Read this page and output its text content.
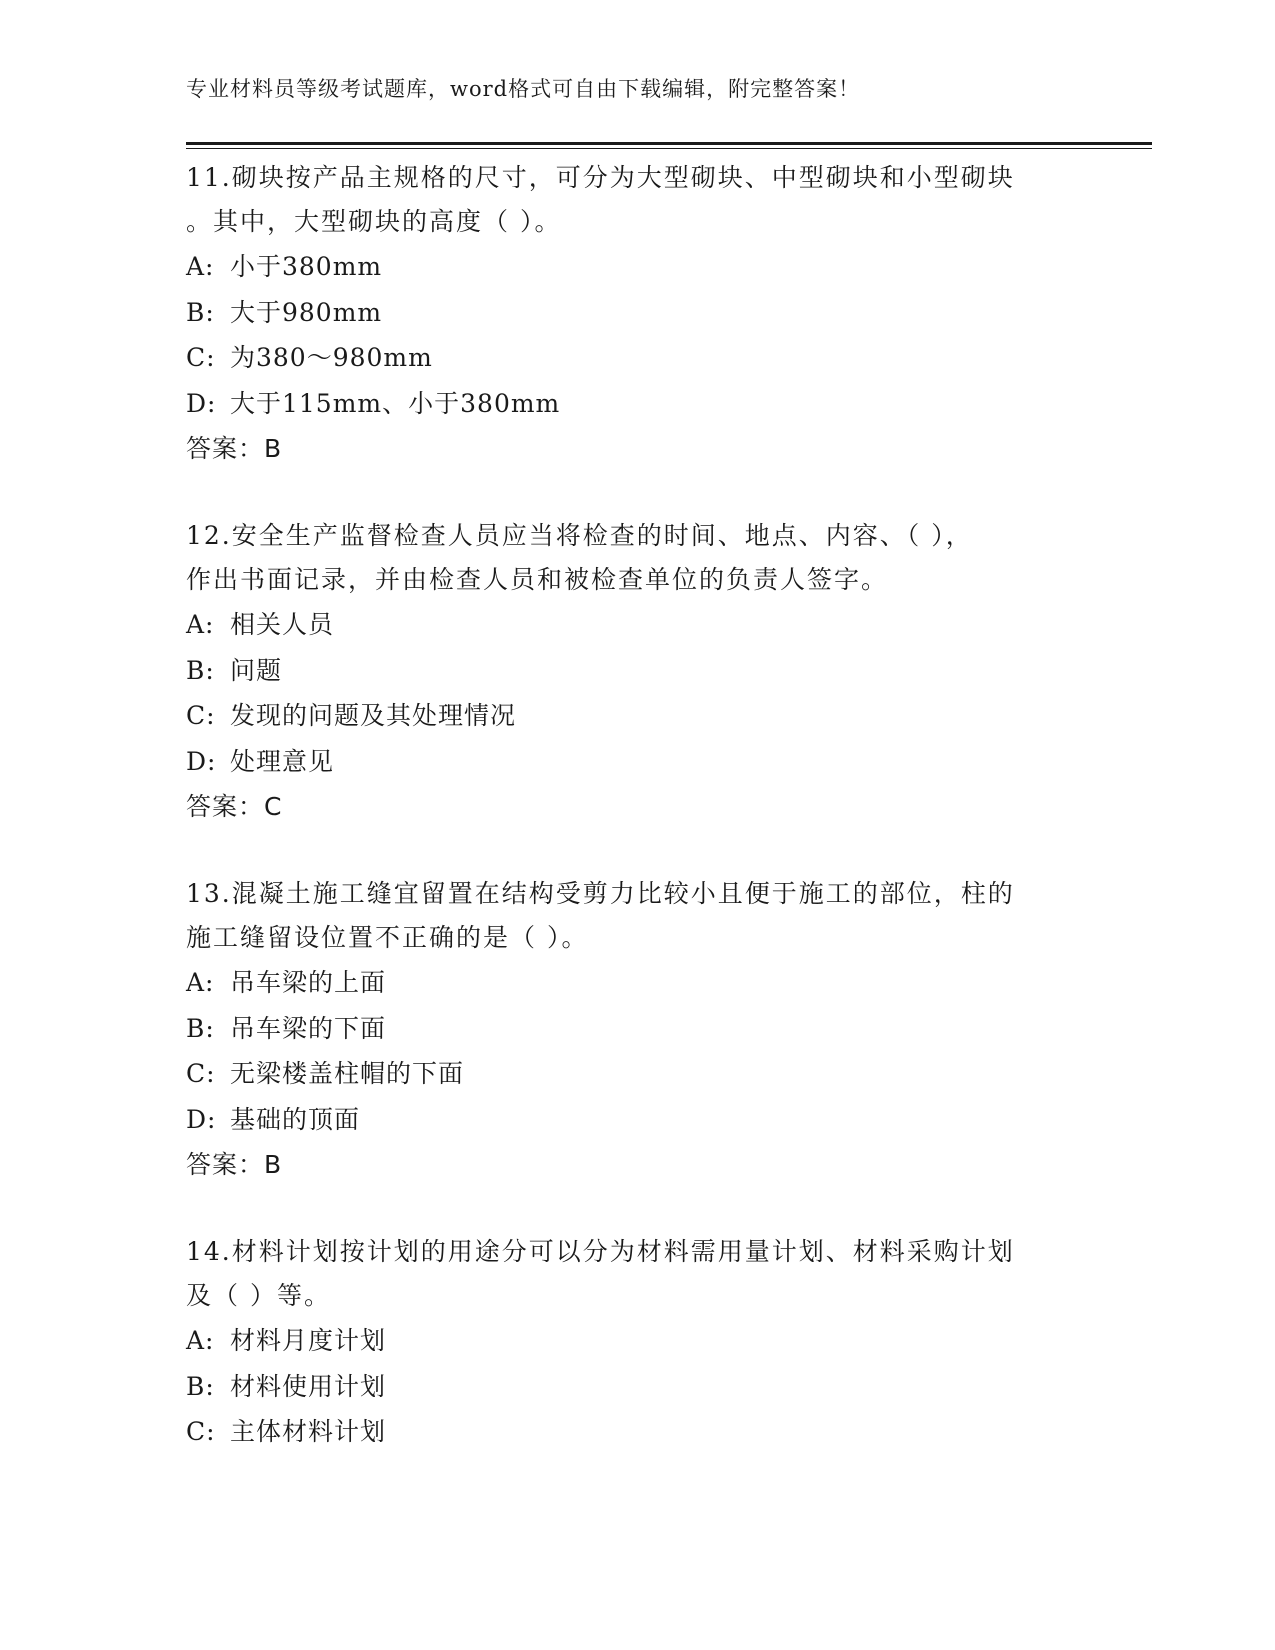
专业材料员等级考试题库，word格式可自由下载编辑，附完整答案！

11.砌块按产品主规格的尺寸，可分为大型砌块、中型砌块和小型砌块

。其中，大型砌块的高度（ ）。

A: 小于380mm

B: 大于980mm

C: 为380～980mm

D: 大于115mm、小于380mm

答案：B

12.安全生产监督检查人员应当将检查的时间、地点、内容、（ ），

作出书面记录，并由检查人员和被检查单位的负责人签字。

A: 相关人员

B: 问题

C: 发现的问题及其处理情况

D: 处理意见

答案：C

13.混凝土施工缝宜留置在结构受剪力比较小且便于施工的部位，柱的

施工缝留设位置不正确的是（ ）。

A: 吊车梁的上面

B: 吊车梁的下面

C: 无梁楼盖柱帽的下面

D: 基础的顶面

答案：B

14.材料计划按计划的用途分可以分为材料需用量计划、材料采购计划

及（ ）等。

A: 材料月度计划

B: 材料使用计划

C: 主体材料计划
